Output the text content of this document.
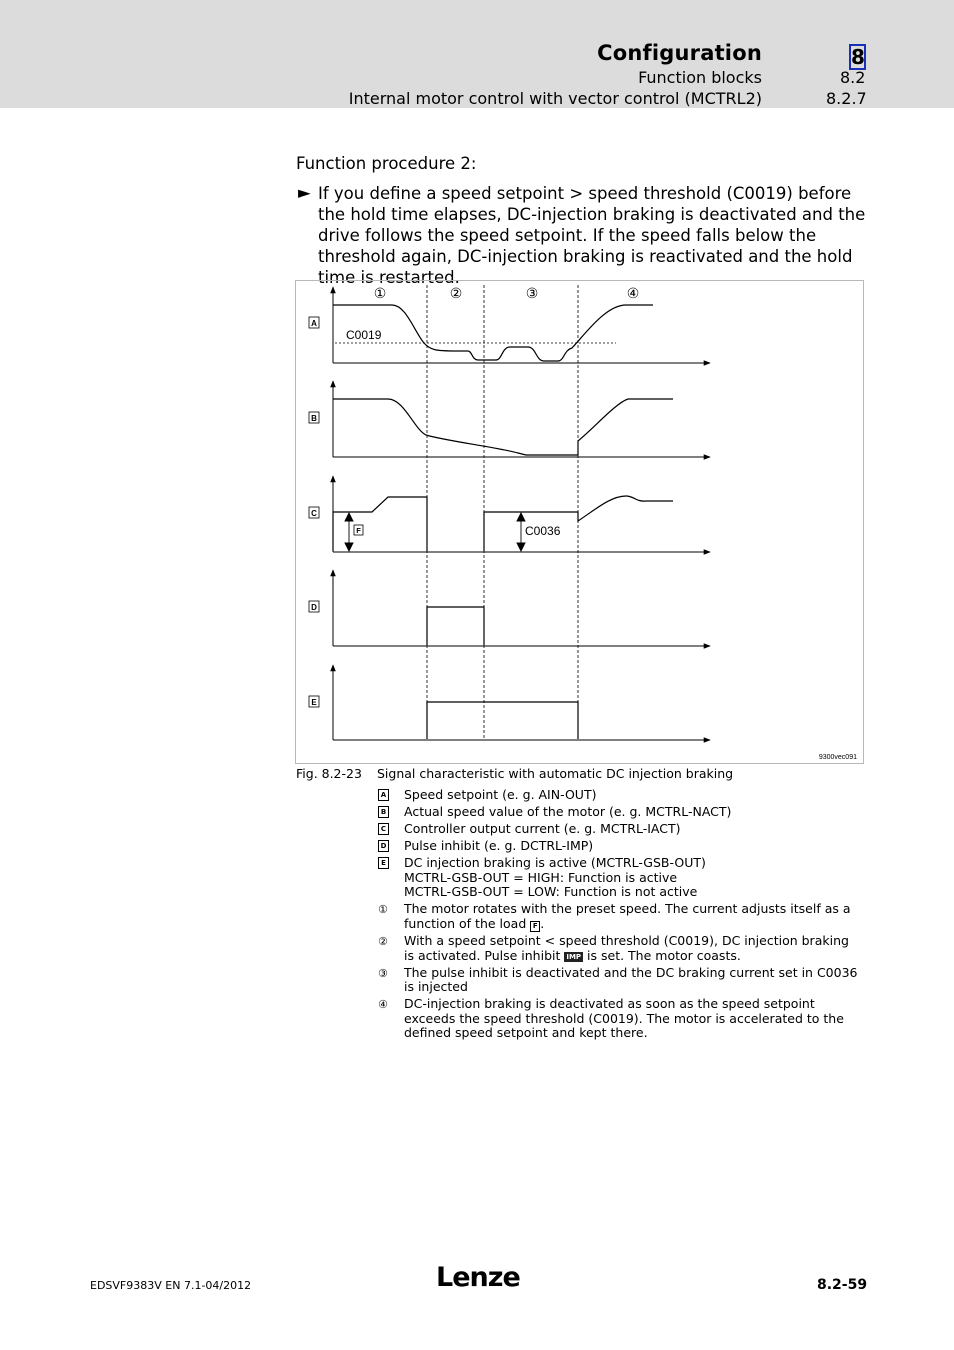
Configuration	8
Function blocks	8.2
Internal motor control with vector control (MCTRL2)	8.2.7
Function procedure 2:
► If you define a speed setpoint > speed threshold (C0019) before the hold time elapses, DC-injection braking is deactivated and the drive follows the speed setpoint. If the speed falls below the threshold again, DC-injection braking is reactivated and the hold time is restarted.
①	②	③	④
A
B
C
D
E
C0019
F	C0036
9300vec091
Fig. 8.2-23 Signal characteristic with automatic DC injection braking
A Speed setpoint (e. g. AIN-OUT)
B Actual speed value of the motor (e. g. MCTRL-NACT)
C Controller output current (e. g. MCTRL-IACT)
D Pulse inhibit (e. g. DCTRL-IMP)
E DC injection braking is active (MCTRL-GSB-OUT)
MCTRL-GSB-OUT = HIGH: Function is active
MCTRL-GSB-OUT = LOW: Function is not active
① The motor rotates with the preset speed. The current adjusts itself as a function of the load F .
② With a speed setpoint < speed threshold (C0019), DC injection braking is activated. Pulse inhibit IMP is set. The motor coasts.
③ The pulse inhibit is deactivated and the DC braking current set in C0036 is injected
④ DC-injection braking is deactivated as soon as the speed setpoint exceeds the speed threshold (C0019). The motor is accelerated to the defined speed setpoint and kept there.
EDSVF9383V EN 7.1-04/2012	Lenze	8.2-59
